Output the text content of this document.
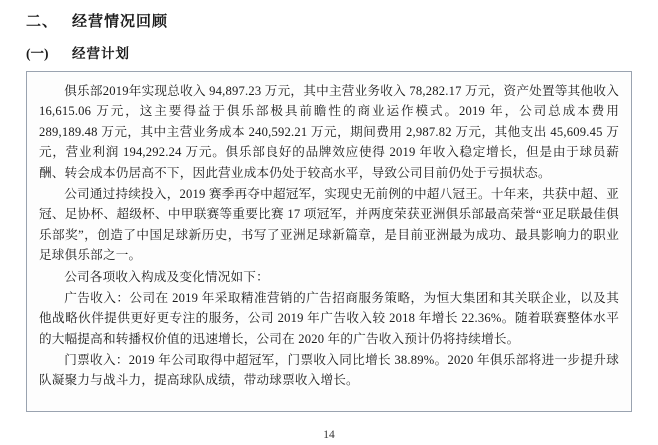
二、 经营情况回顾
(一)	经营计划

俱乐部2019年实现总收入 94,897.23 万元，其中主营业务收入 78,282.17 万元，资产处置等其他收入 16,615.06 万元，这主要得益于俱乐部极具前瞻性的商业运作模式。2019 年，公司总成本费用 289,189.48 万元，其中主营业务成本 240,592.21 万元，期间费用 2,987.82 万元，其他支出 45,609.45 万元，营业利润 194,292.24 万元。俱乐部良好的品牌效应使得 2019 年收入稳定增长，但是由于球员薪酬、转会成本仍居高不下，因此营业成本仍处于较高水平，导致公司目前仍处于亏损状态。

公司通过持续投入，2019 赛季再夺中超冠军，实现史无前例的中超八冠王。十年来，共获中超、亚冠、足协杯、超级杯、中甲联赛等重要比赛 17 项冠军，并两度荣获亚洲俱乐部最高荣誉“亚足联最佳俱乐部奖”，创造了中国足球新历史，书写了亚洲足球新篇章，是目前亚洲最为成功、最具影响力的职业足球俱乐部之一。

公司各项收入构成及变化情况如下：

广告收入：公司在 2019 年采取精准营销的广告招商服务策略，为恒大集团和其关联企业，以及其他战略伙伴提供更好更专注的服务，公司 2019 年广告收入较 2018 年增长 22.36%。随着联赛整体水平的大幅提高和转播权价值的迅速增长，公司在 2020 年的广告收入预计仍将持续增长。

门票收入：2019 年公司取得中超冠军，门票收入同比增长 38.89%。2020 年俱乐部将进一步提升球队凝聚力与战斗力，提高球队成绩，带动球票收入增长。

14
